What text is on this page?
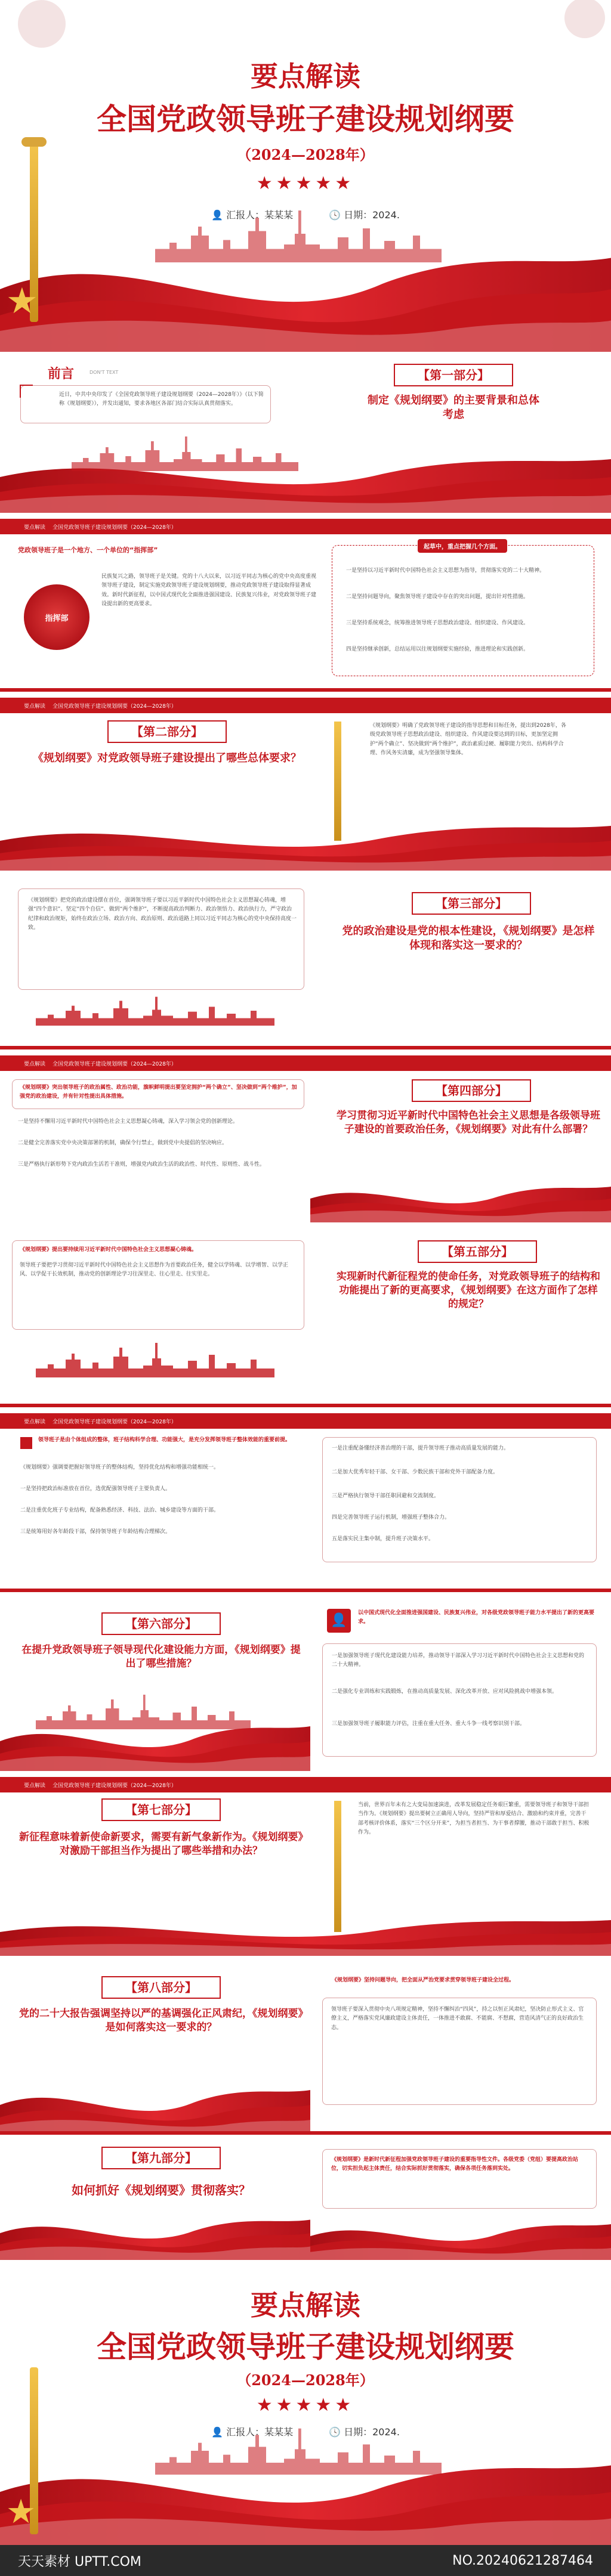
★
要点解读
全国党政领导班子建设规划纲要
（2024—2028年）
★★★★★
👤 汇报人：某某某	🕓 日期：2024.
前言	DON'T TEXT
近日，中共中央印发了《全国党政领导班子建设规划纲要（2024—2028年）》（以下简称《规划纲要》），并发出通知，要求各地区各部门结合实际认真贯彻落实。
【第一部分】
制定《规划纲要》的主要背景和总体考虑
要点解读 全国党政领导班子建设规划纲要（2024—2028年）
党政领导班子是一个地方、一个单位的“指挥部”
指挥部
民族复兴之路，领导班子是关键。党的十八大以来，以习近平同志为核心的党中央高度重视领导班子建设，制定实施党政领导班子建设规划纲要，推动党政领导班子建设取得显著成效。新时代新征程，以中国式现代化全面推进强国建设、民族复兴伟业，对党政领导班子建设提出新的更高要求。
起草中，重点把握几个方面。
一是坚持以习近平新时代中国特色社会主义思想为指导，贯彻落实党的二十大精神。
二是坚持问题导向，聚焦领导班子建设中存在的突出问题，提出针对性措施。
三是坚持系统观念，统筹推进领导班子思想政治建设、组织建设、作风建设。
四是坚持继承创新，总结运用以往规划纲要实施经验，推进理论和实践创新。
要点解读 全国党政领导班子建设规划纲要（2024—2028年）
【第二部分】
《规划纲要》对党政领导班子建设提出了哪些总体要求？
《规划纲要》明确了党政领导班子建设的指导思想和目标任务，提出到2028年，各级党政领导班子思想政治建设、组织建设、作风建设要达到的目标，更加坚定拥护“两个确立”、坚决做到“两个维护”，政治素质过硬、履职能力突出、结构科学合理、作风务实清廉，成为坚强领导集体。
《规划纲要》把党的政治建设摆在首位，强调领导班子要以习近平新时代中国特色社会主义思想凝心铸魂，增强“四个意识”、坚定“四个自信”、做到“两个维护”，不断提高政治判断力、政治领悟力、政治执行力，严守政治纪律和政治规矩，始终在政治立场、政治方向、政治原则、政治道路上同以习近平同志为核心的党中央保持高度一致。
【第三部分】
党的政治建设是党的根本性建设，《规划纲要》是怎样体现和落实这一要求的？
要点解读 全国党政领导班子建设规划纲要（2024—2028年）
《规划纲要》突出领导班子的政治属性、政治功能，旗帜鲜明提出要坚定拥护“两个确立”、坚决做到“两个维护”，加强党的政治建设，并有针对性提出具体措施。
一是坚持不懈用习近平新时代中国特色社会主义思想凝心铸魂，深入学习领会党的创新理论。
二是健全完善落实党中央决策部署的机制，确保令行禁止，做到党中央提倡的坚决响应。
三是严格执行新形势下党内政治生活若干准则，增强党内政治生活的政治性、时代性、原则性、战斗性。
【第四部分】
学习贯彻习近平新时代中国特色社会主义思想是各级领导班子建设的首要政治任务，《规划纲要》对此有什么部署？
《规划纲要》提出要持续用习近平新时代中国特色社会主义思想凝心铸魂。
领导班子要把学习贯彻习近平新时代中国特色社会主义思想作为首要政治任务，健全以学铸魂、以学增智、以学正风、以学促干长效机制，推动党的创新理论学习往深里走、往心里走、往实里走。
【第五部分】
实现新时代新征程党的使命任务，对党政领导班子的结构和功能提出了新的更高要求，《规划纲要》在这方面作了怎样的规定？
要点解读 全国党政领导班子建设规划纲要（2024—2028年）
领导班子是由个体组成的整体，班子结构科学合理、功能强大，是充分发挥领导班子整体效能的重要前提。
《规划纲要》强调要把握好领导班子的整体结构，坚持优化结构和增强功能相统一。
一是坚持把政治标准放在首位，选优配强领导班子主要负责人。
二是注重优化班子专业结构，配备熟悉经济、科技、法治、城乡建设等方面的干部。
三是统筹用好各年龄段干部，保持领导班子年龄结构合理梯次。
一是注重配备懂经济善治理的干部，提升领导班子推动高质量发展的能力。
二是加大优秀年轻干部、女干部、少数民族干部和党外干部配备力度。
三是严格执行领导干部任职回避和交流制度。
四是完善领导班子运行机制，增强班子整体合力。
五是落实民主集中制，提升班子决策水平。
【第六部分】
在提升党政领导班子领导现代化建设能力方面，《规划纲要》提出了哪些措施？
👤	以中国式现代化全面推进强国建设、民族复兴伟业，对各级党政领导班子能力水平提出了新的更高要求。
一是加强领导班子现代化建设能力培养，推动领导干部深入学习习近平新时代中国特色社会主义思想和党的二十大精神。
二是强化专业训练和实践锻炼，在推动高质量发展、深化改革开放、应对风险挑战中增强本领。
三是加强领导班子履职能力评估，注重在重大任务、重大斗争一线考察识别干部。
要点解读 全国党政领导班子建设规划纲要（2024—2028年）
【第七部分】
新征程意味着新使命新要求，需要有新气象新作为。《规划纲要》对激励干部担当作为提出了哪些举措和办法？
当前，世界百年未有之大变局加速演进，改革发展稳定任务艰巨繁重，需要领导班子和领导干部担当作为。《规划纲要》提出要树立正确用人导向，坚持严管和厚爱结合、激励和约束并重，完善干部考核评价体系，落实“三个区分开来”，为担当者担当、为干事者撑腰，推动干部敢于担当、积极作为。
【第八部分】
党的二十大报告强调坚持以严的基调强化正风肃纪，《规划纲要》是如何落实这一要求的？
《规划纲要》坚持问题导向，把全面从严治党要求贯穿领导班子建设全过程。
领导班子要深入贯彻中央八项规定精神，坚持不懈纠治“四风”，持之以恒正风肃纪，坚决防止形式主义、官僚主义，严格落实党风廉政建设主体责任，一体推进不敢腐、不能腐、不想腐，营造风清气正的良好政治生态。
【第九部分】
如何抓好《规划纲要》贯彻落实？
《规划纲要》是新时代新征程加强党政领导班子建设的重要指导性文件。各级党委（党组）要提高政治站位，切实担负起主体责任，结合实际抓好贯彻落实，确保各项任务落到实处。
★
要点解读
全国党政领导班子建设规划纲要
（2024—2028年）
★★★★★
👤 汇报人：某某某	🕓 日期：2024.
天天素材 UPTT.COM	NO.20240621287464
